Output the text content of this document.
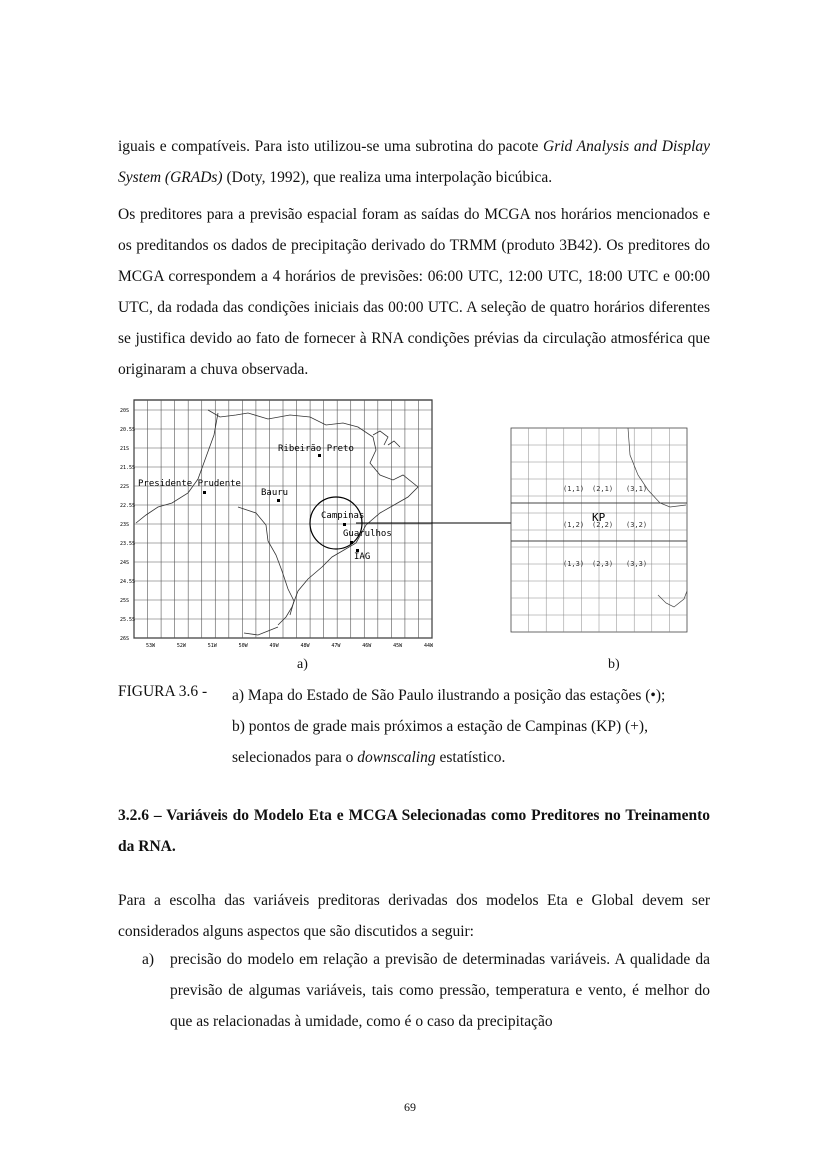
iguais e compatíveis. Para isto utilizou-se uma subrotina do pacote Grid Analysis and Display System (GRADs) (Doty, 1992), que realiza uma interpolação bicúbica.

Os preditores para a previsão espacial foram as saídas do MCGA nos horários mencionados e os preditandos os dados de precipitação derivado do TRMM (produto 3B42). Os preditores do MCGA correspondem a 4 horários de previsões: 06:00 UTC, 12:00 UTC, 18:00 UTC e 00:00 UTC, da rodada das condições iniciais das 00:00 UTC. A seleção de quatro horários diferentes se justifica devido ao fato de fornecer à RNA condições prévias da circulação atmosférica que originaram a chuva observada.

20S
20.5S
21S
21.5S
22S
22.5S
23S
23.5S
24S
24.5S
25S
25.5S
26S
53W	52W	51W	50W	49W	48W	47W	46W	45W	44W
Ribeirão Preto
Presidente Prudente
Bauru
Campinas
Guarulhos
IAG
(1,1) (2,1) (3,1)
(1,2) (2,2) (3,2)
(1,3) (2,3) (3,3)
KP
a)	b)
FIGURA 3.6 - a) Mapa do Estado de São Paulo ilustrando a posição das estações (•);
b) pontos de grade mais próximos a estação de Campinas (KP) (+),
selecionados para o downscaling estatístico.

3.2.6 – Variáveis do Modelo Eta e MCGA Selecionadas como Preditores no Treinamento da RNA.

Para a escolha das variáveis preditoras derivadas dos modelos Eta e Global devem ser considerados alguns aspectos que são discutidos a seguir:

a) precisão do modelo em relação a previsão de determinadas variáveis. A qualidade da previsão de algumas variáveis, tais como pressão, temperatura e vento, é melhor do que as relacionadas à umidade, como é o caso da precipitação
69
